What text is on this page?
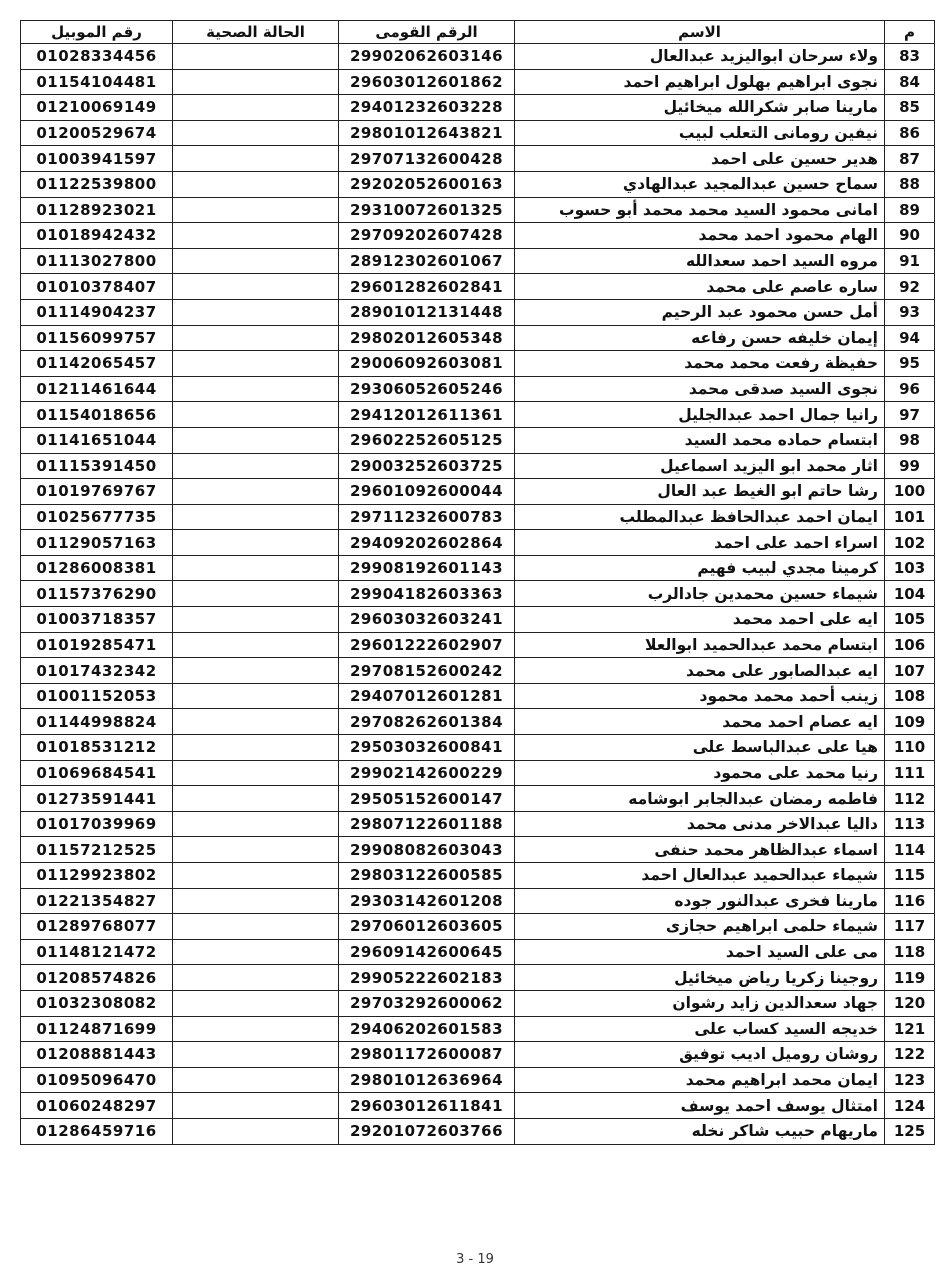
رقم الموبيل	الحالة الصحية	الرقم القومى	الاسم	م
01028334456		29902062603146	ولاء سرحان ابواليزيد عبدالعال	83
01154104481		29603012601862	نجوى ابراهيم بهلول ابراهيم احمد	84
01210069149		29401232603228	مارينا صابر شكرالله ميخائيل	85
01200529674		29801012643821	نيفين رومانى التعلب لبيب	86
01003941597		29707132600428	هدير حسين على احمد	87
01122539800		29202052600163	سماح حسين عبدالمجيد عبدالهادي	88
01128923021		29310072601325	امانى محمود السيد محمد محمد أبو حسوب	89
01018942432		29709202607428	الهام محمود احمد محمد	90
01113027800		28912302601067	مروه السيد احمد سعدالله	91
01010378407		29601282602841	ساره عاصم على محمد	92
01114904237		28901012131448	أمل حسن محمود عبد الرحيم	93
01156099757		29802012605348	إيمان خليفه حسن رفاعه	94
01142065457		29006092603081	حفيظة رفعت محمد محمد	95
01211461644		29306052605246	نجوى السيد صدقى محمد	96
01154018656		29412012611361	رانيا جمال احمد عبدالجليل	97
01141651044		29602252605125	ابتسام حماده محمد السيد	98
01115391450		29003252603725	اثار محمد ابو اليزيد اسماعيل	99
01019769767		29601092600044	رشا حاتم ابو الغيط عبد العال	100
01025677735		29711232600783	ايمان احمد عبدالحافظ عبدالمطلب	101
01129057163		29409202602864	اسراء احمد على احمد	102
01286008381		29908192601143	كرمينا مجدي لبيب فهيم	103
01157376290		29904182603363	شيماء حسين محمدين جادالرب	104
01003718357		29603032603241	ايه على احمد محمد	105
01019285471		29601222602907	ابتسام محمد عبدالحميد ابوالعلا	106
01017432342		29708152600242	ايه عبدالصابور على محمد	107
01001152053		29407012601281	زينب أحمد محمد محمود	108
01144998824		29708262601384	ايه عصام احمد محمد	109
01018531212		29503032600841	هيا على عبدالباسط على	110
01069684541		29902142600229	رنيا محمد على محمود	111
01273591441		29505152600147	فاطمه رمضان عبدالجابر ابوشامه	112
01017039969		29807122601188	داليا عبدالاخر مدنى محمد	113
01157212525		29908082603043	اسماء عبدالظاهر محمد حنفى	114
01129923802		29803122600585	شيماء عبدالحميد عبدالعال احمد	115
01221354827		29303142601208	مارينا فخرى عبدالنور جوده	116
01289768077		29706012603605	شيماء حلمى ابراهيم حجازى	117
01148121472		29609142600645	مى على السيد احمد	118
01208574826		29905222602183	روجينا زكريا رياض ميخائيل	119
01032308082		29703292600062	جهاد سعدالدين زايد رشوان	120
01124871699		29406202601583	خديجه السيد كساب على	121
01208881443		29801172600087	روشان روميل اديب توفيق	122
01095096470		29801012636964	ايمان محمد ابراهيم محمد	123
01060248297		29603012611841	امتثال يوسف احمد يوسف	124
01286459716		29201072603766	ماريهام حبيب شاكر نخله	125
3 - 19
